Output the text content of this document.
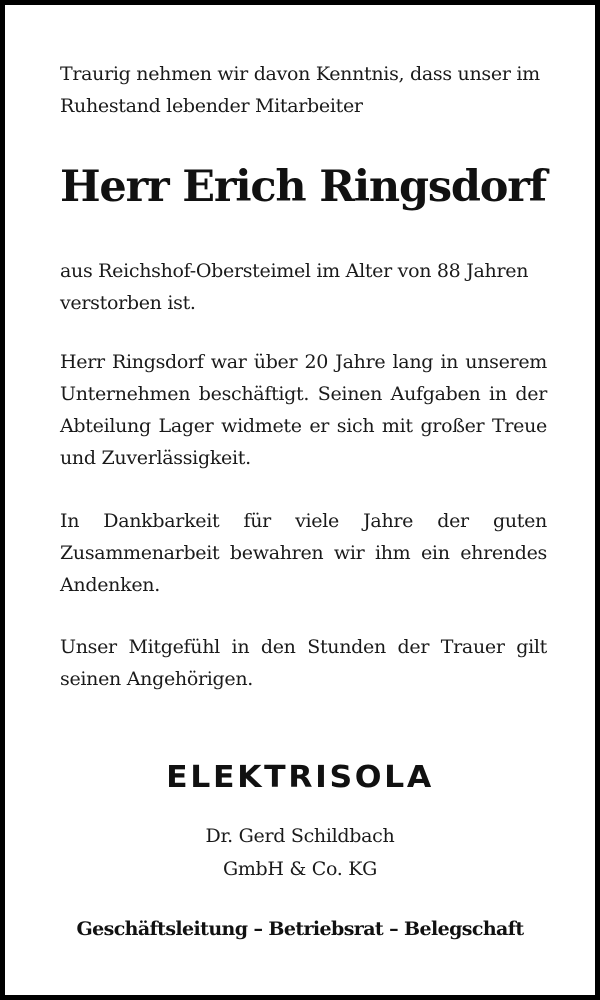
Traurig nehmen wir davon Kenntnis, dass unser im Ruhestand lebender Mitarbeiter

Herr Erich Ringsdorf

aus Reichshof-Obersteimel im Alter von 88 Jahren verstorben ist.

Herr Ringsdorf war über 20 Jahre lang in unserem Unternehmen beschäftigt. Seinen Aufgaben in der Abteilung Lager widmete er sich mit großer Treue und Zuverlässigkeit.

In Dankbarkeit für viele Jahre der guten Zusammenarbeit bewahren wir ihm ein ehrendes Andenken.

Unser Mitgefühl in den Stunden der Trauer gilt seinen Angehörigen.

ELEKTRISOLA
Dr. Gerd Schildbach
GmbH & Co. KG
Geschäftsleitung – Betriebsrat – Belegschaft
